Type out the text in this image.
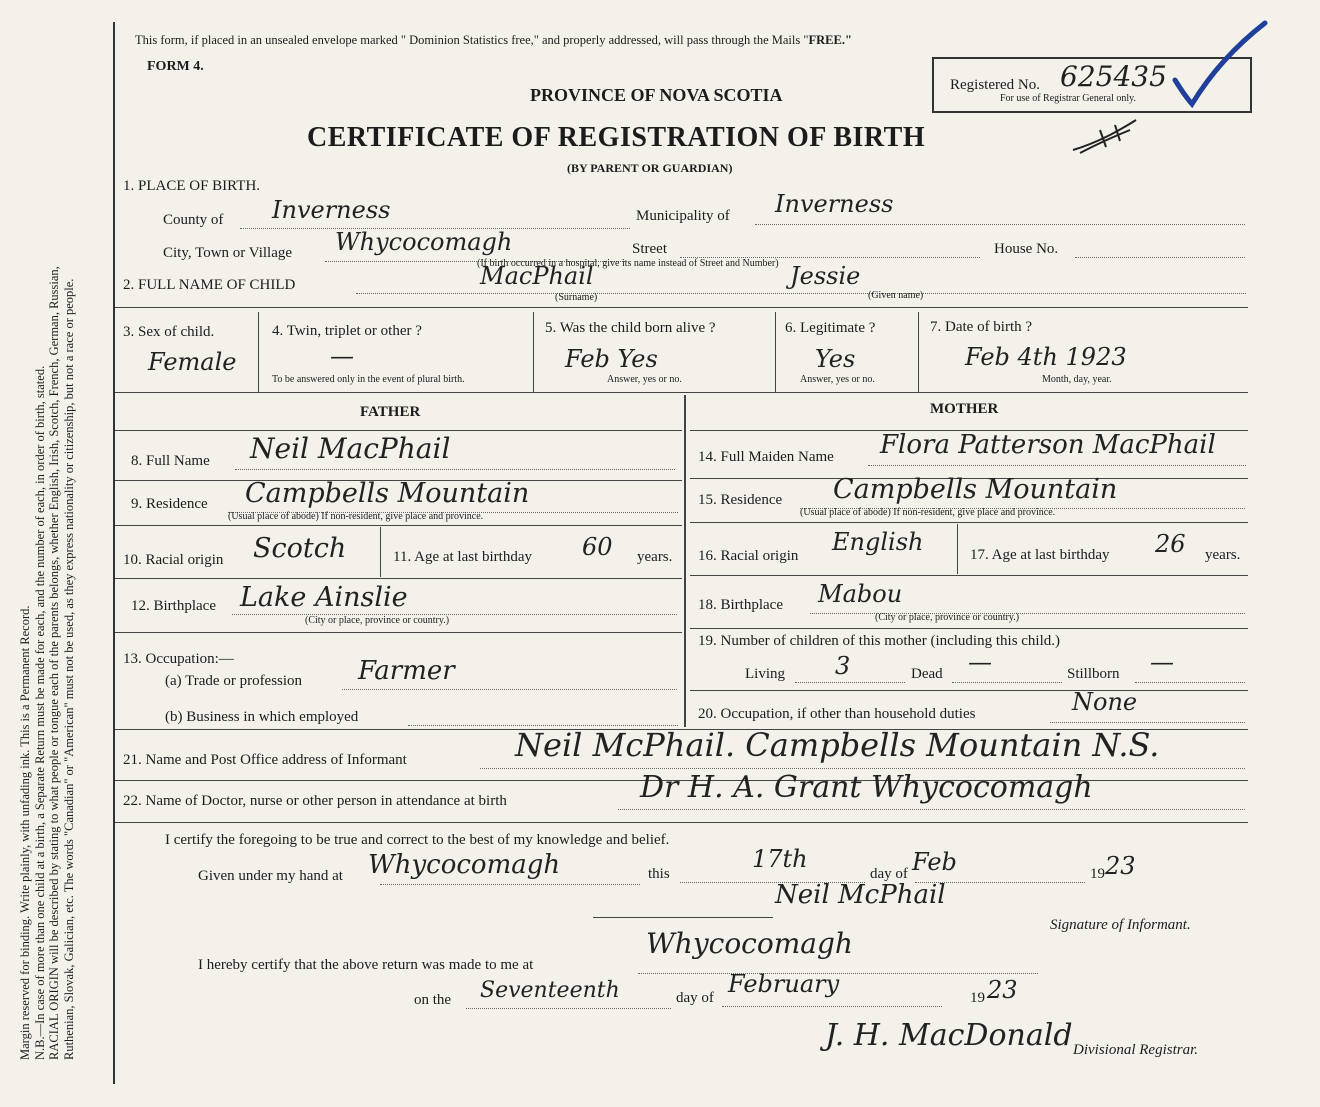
Margin reserved for binding. Write plainly, with unfading ink. This is a Permanent Record. N.B.—In case of more than one child at a birth, a Separate Return must be made for each, and the number of each, in order of birth, stated. RACIAL ORIGIN will be described by stating to what people or tongue each of the parents belongs, whether English, Irish, Scotch, French, German, Russian, Ruthenian, Slovak, Galician, etc. The words "Canadian" or "American" must not be used, as they express nationality or citizenship, but not a race or people.
This form, if placed in an unsealed envelope marked " Dominion Statistics free," and properly addressed, will pass through the Mails "FREE."
FORM 4.
PROVINCE OF NOVA SCOTIA
CERTIFICATE OF REGISTRATION OF BIRTH
(BY PARENT OR GUARDIAN)
Registered No. 625435
For use of Registrar General only.
1. PLACE OF BIRTH.
County of Inverness	Municipality of Inverness
City, Town or Village Whycocomagh	Street	House No.
(If birth occurred in a hospital, give its name instead of Street and Number)
2. FULL NAME OF CHILD	MacPhail	Jessie
(Surname)	(Given name)
3. Sex of child.
Female
4. Twin, triplet or other ?
—
To be answered only in the event of plural birth.
5. Was the child born alive ?
Feb Yes
Answer, yes or no.
6. Legitimate ?
Yes
Answer, yes or no.
7. Date of birth ?
Feb 4th 1923
Month, day, year.
FATHER	MOTHER
8. Full Name Neil MacPhail
9. Residence Campbells Mountain
(Usual place of abode) If non-resident, give place and province.
10. Racial origin Scotch	11. Age at last birthday 60 years.
12. Birthplace Lake Ainslie
(City or place, province or country.)
13. Occupation:—
(a) Trade or profession Farmer
(b) Business in which employed
14. Full Maiden Name Flora Patterson MacPhail
15. Residence Campbells Mountain
(Usual place of abode) If non-resident, give place and province.
16. Racial origin English	17. Age at last birthday 26 years.
18. Birthplace Mabou
(City or place, province or country.)
19. Number of children of this mother (including this child.)
Living 3	Dead —	Stillborn —
20. Occupation, if other than household duties	None
21. Name and Post Office address of Informant	Neil McPhail. Campbells Mountain N.S.
22. Name of Doctor, nurse or other person in attendance at birth	Dr H. A. Grant Whycocomagh
I certify the foregoing to be true and correct to the best of my knowledge and belief.
Given under my hand at Whycocomagh	this
17th
day of Feb	19 23
Neil McPhail
Signature of Informant.
I hereby certify that the above return was made to me at
Whycocomagh
on the Seventeenth	day of February	19 23
J. H. MacDonald Divisional Registrar.
